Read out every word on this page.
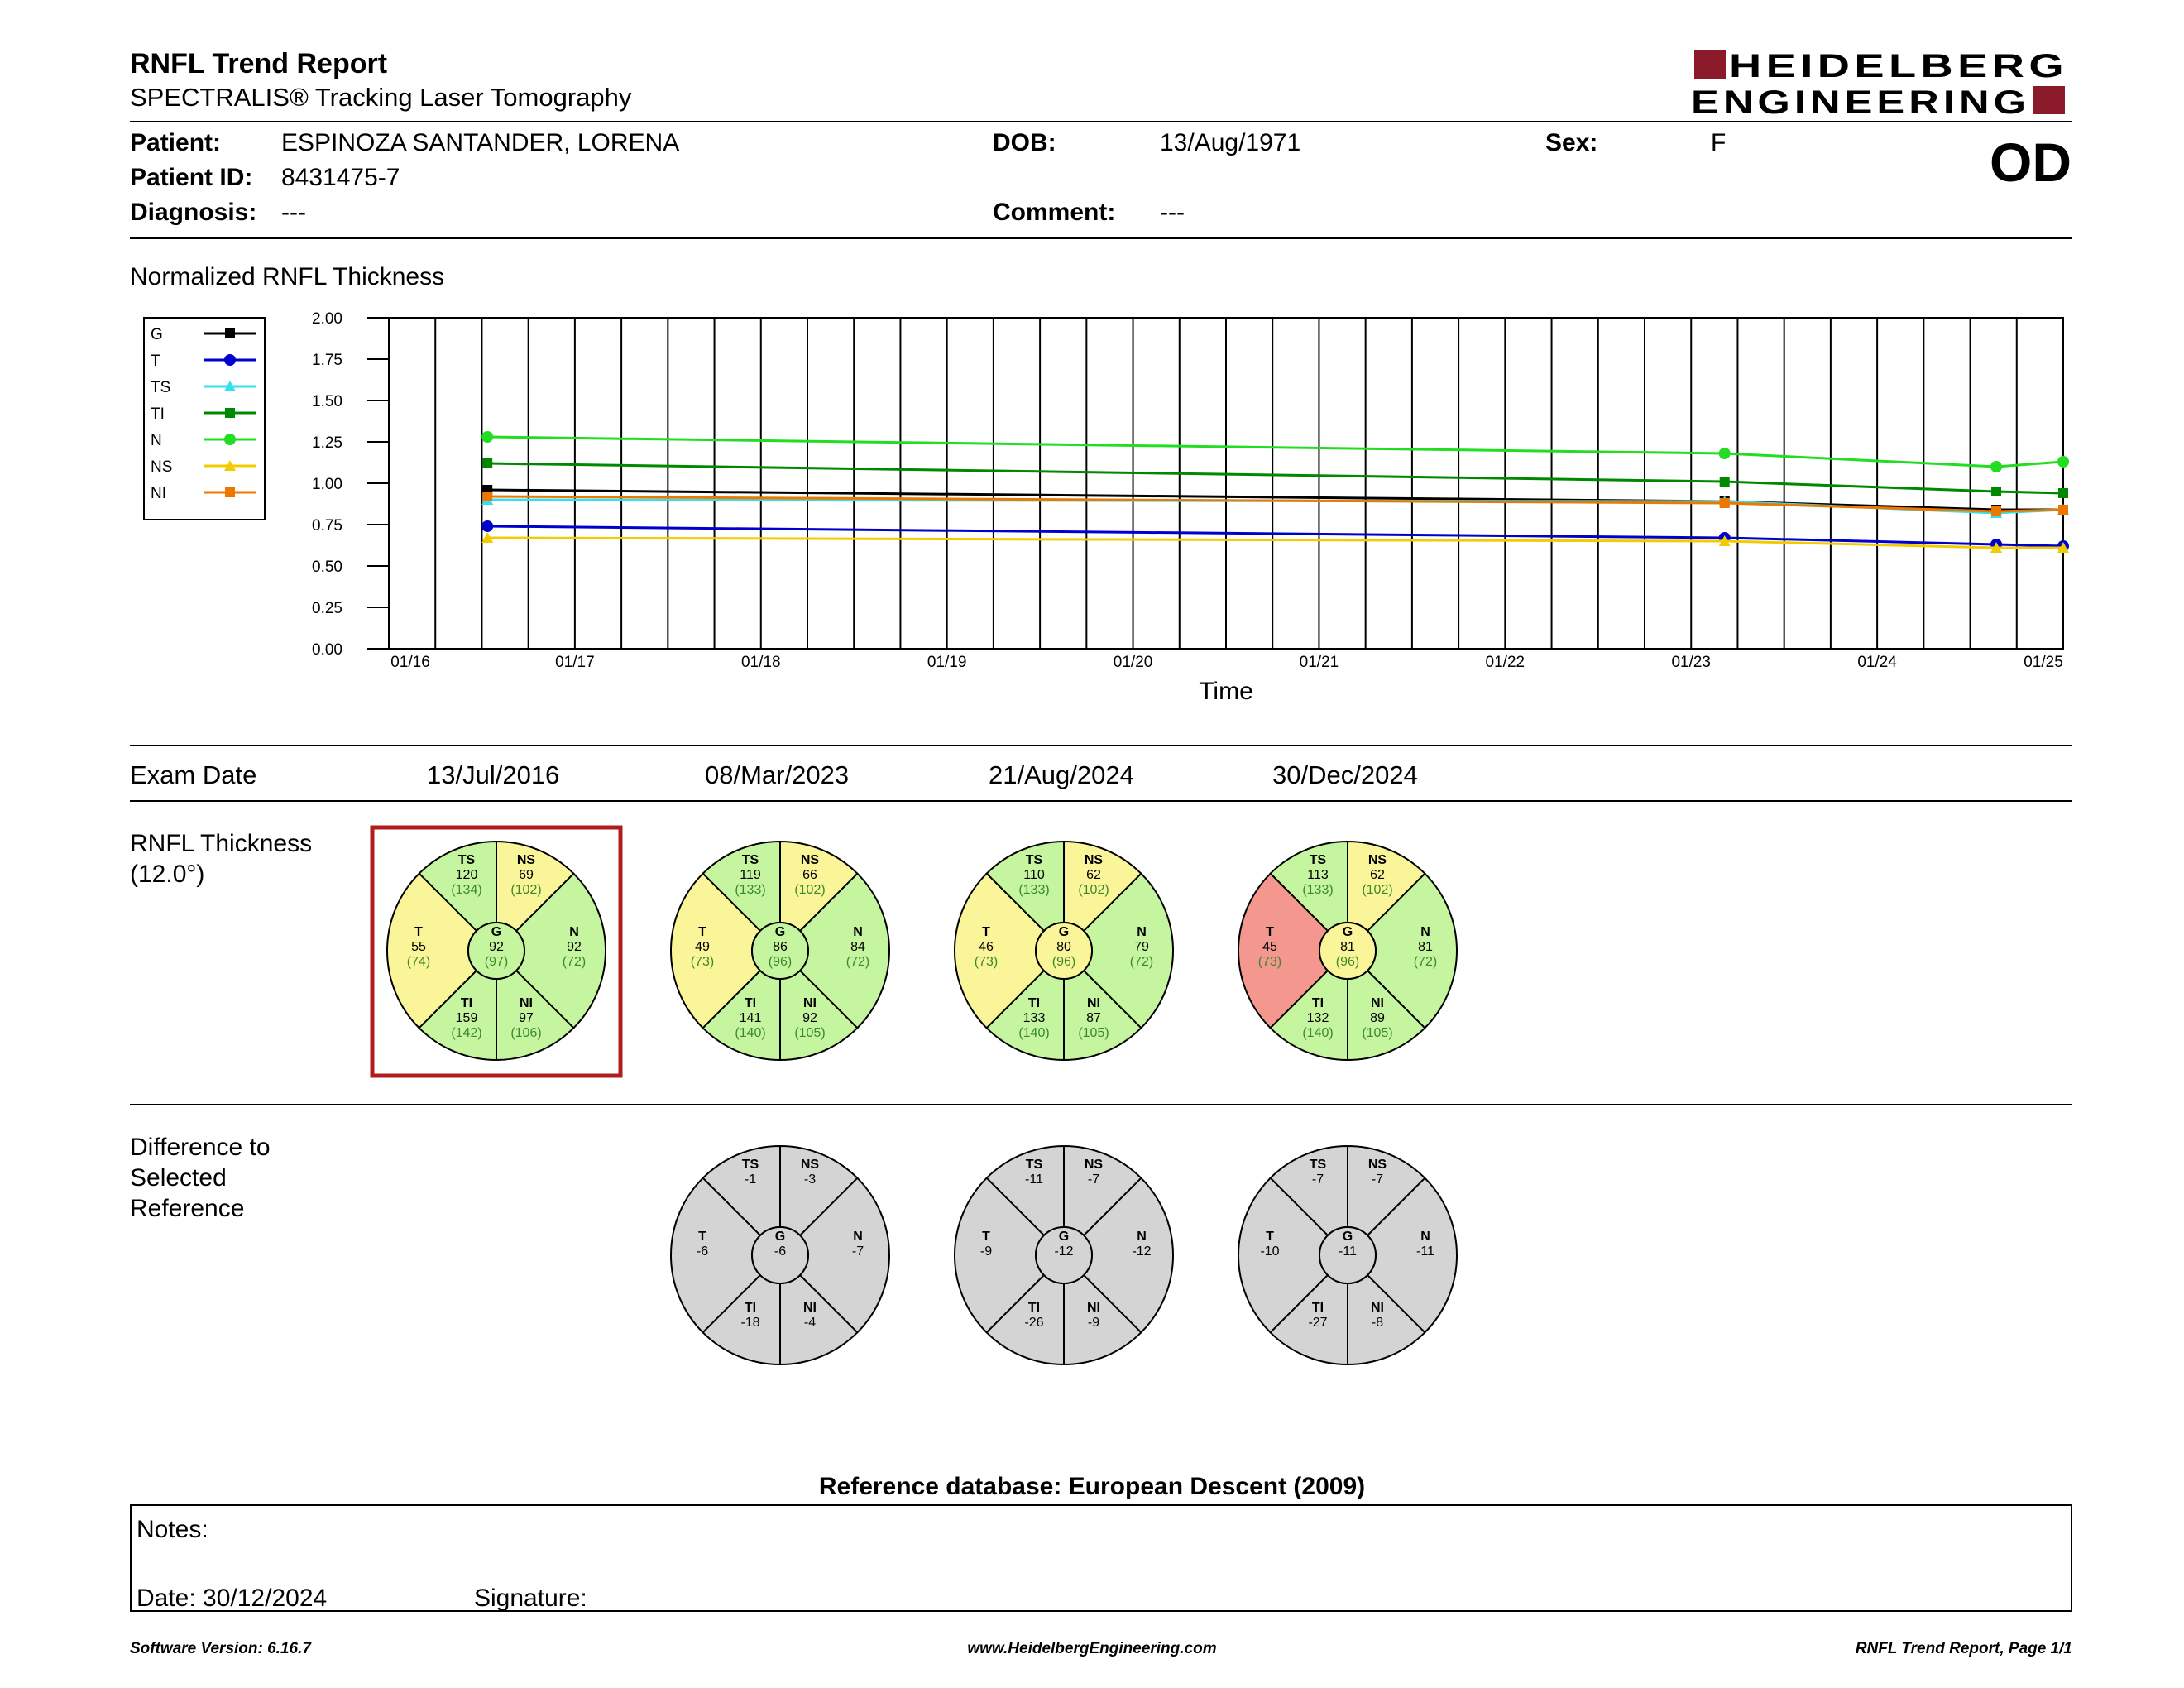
RNFL Trend Report
SPECTRALIS® Tracking Laser Tomography
HEIDELBERG
ENGINEERING
Patient: ESPINOZA SANTANDER, LORENA	DOB:	13/Aug/1971	Sex:	F	OD
Patient ID: 8431475-7
Diagnosis: ---	Comment: ---
Normalized RNFL Thickness
0.00
0.25
0.50
0.75
1.00
1.25
1.50
1.75
2.00
01/16	01/17	01/18	01/19	01/20	01/21	01/22	01/23	01/24	01/25
Time
G
T
TS
TI
N
NS
NI
Exam Date	13/Jul/2016	08/Mar/2023	21/Aug/2024	30/Dec/2024
RNFL Thickness
(12.0°)
Difference to
Selected
Reference
TS
120
(134)
NS
69
(102)
T
55
(74)
G
92
(97)
N
92
(72)
TI
159
(142)
NI
97
(106)
TS
119
(133)
NS
66
(102)
T
49
(73)
G
86
(96)
N
84
(72)
TI
141
(140)
NI
92
(105)
TS
110
(133)
NS
62
(102)
T
46
(73)
G
80
(96)
N
79
(72)
TI
133
(140)
NI
87
(105)
TS
113
(133)
NS
62
(102)
T
45
(73)
G
81
(96)
N
81
(72)
TI
132
(140)
NI
89
(105)
TS
-1
NS
-3
T
-6
G
-6
N
-7
TI
-18
NI
-4
TS
-11
NS
-7
T
-9
G
-12
N
-12
TI
-26
NI
-9
TS
-7
NS
-7
T
-10
G
-11
N
-11
TI
-27
NI
-8
Reference database: European Descent (2009)
Notes:
Date: 30/12/2024	Signature:
Software Version: 6.16.7	www.HeidelbergEngineering.com	RNFL Trend Report, Page 1/1
